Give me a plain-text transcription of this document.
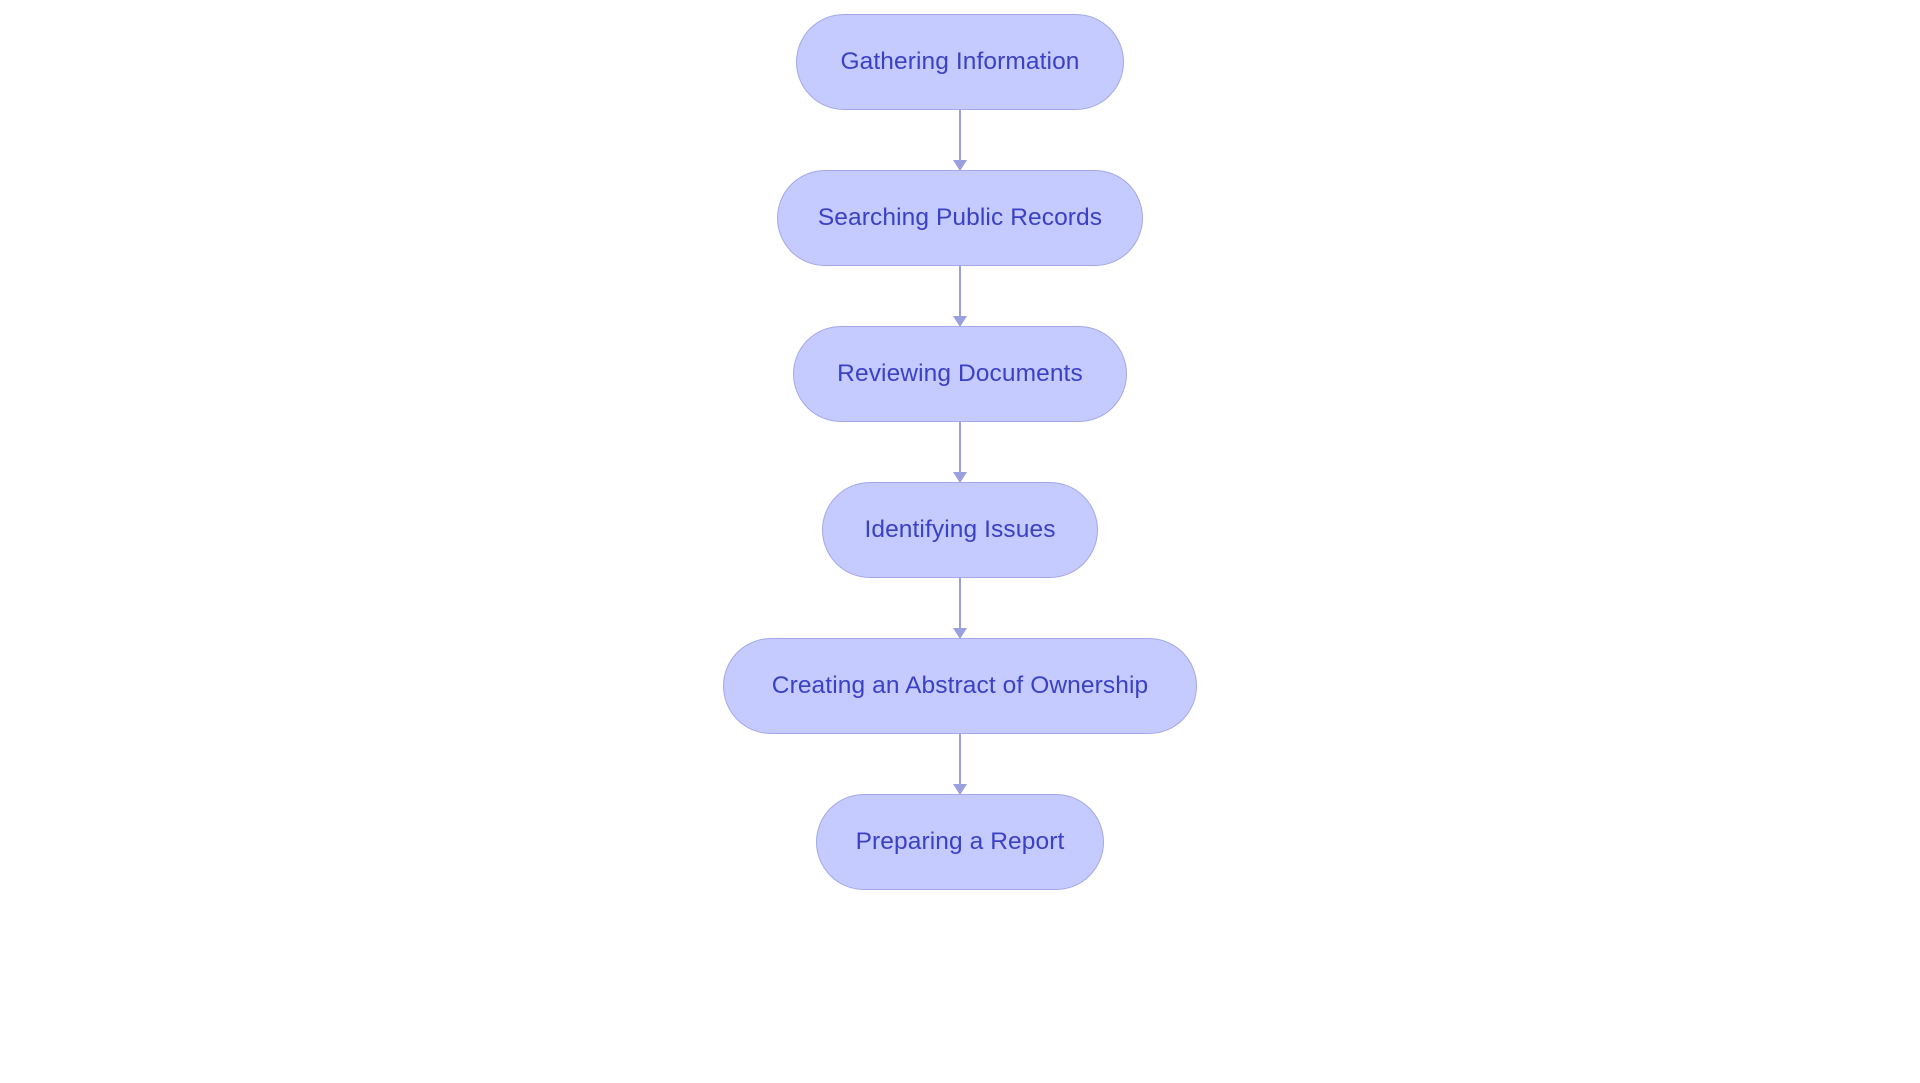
Gathering Information
Searching Public Records
Reviewing Documents
Identifying Issues
Creating an Abstract of Ownership
Preparing a Report
